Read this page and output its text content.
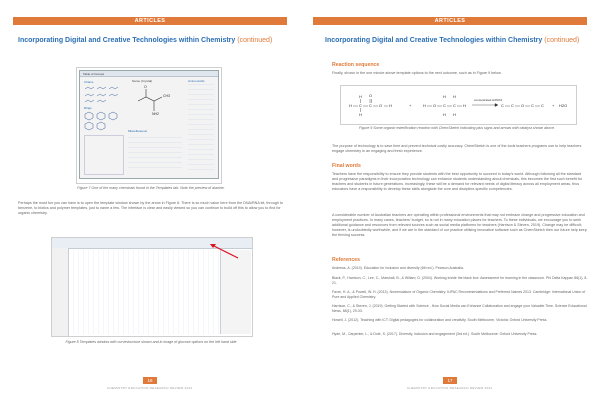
ARTICLES
Incorporating Digital and Creative Technologies within Chemistry (continued)
Table of Groups
Chains
Rings
O
NH2
CH3
Name (Crystal)
Miscellaneous
Amino Acids
Figure 7 One of the many chemicals found in the Templates tab. Note the preview of alanine.
Perhaps the most fun you can have is to open the template window shown by the arrow in Figure 8. There is so much value here from the DNA/RNA kit, through to benzene, to biotics and polymer templates, just to name a few. The interface is clear and easily viewed so you can continue to build off this to allow you to find for organic chemistry.
Figure 8 Templates window with curvestructure shown and in image of glucose options on the left hand side
16
CHEMISTRY EDUCATION RESEARCH REVIEW 2021
ARTICLES
Incorporating Digital and Creative Technologies within Chemistry (continued)
Reaction sequence
Finally, shown in the one minute above template options to the next outcome, such as in Figure 9 below.
H C C O H
H
H
O
+	H O C C H
H H
H H
C C O C C + H2O
concentrated H2SO4
Figure 9 Some organic esterification reaction with ChemSketch indicating plus signs and arrows with catalyst shown above.
The purpose of technology is to save time and prevent technical costly accuracy. ChemSketch is one of the tools teachers programs use to help teachers engage chemistry in an engaging and fresh experience.
Final words
Teachers have the responsibility to ensure they provide students with the best opportunity to succeed in today's world. Although following all the standard and progressive paradigms in their incorporation technology can enhance students understanding about chemicals, this becomes the first such benefit for teachers and students in future generations. Increasingly, these will be a demand for relevant needs of digital literacy across all employment areas, thus educators have a responsibility to develop these skills alongside the core and discipline-specific competencies.
A considerable number of Australian teachers are operating within professional environments that may not embrace change and progressive education and employment practices. In many cases, teachers' budget, so is not in many education places for teachers. To these individuals, we encourage you to seek additional guidance and resources from relevant sources such as social media platforms for teachers (Harrison & Steven, 2019). Change may be difficult; however, is undoubtedly worthwhile, and if we are in the standard of our practice utilising innovative software such as ChemSketch then our future help keep the thriving success.
References
Andrews, A. (2019). Education for inclusion and diversity (6th ed.). Pearson Australia.
Black, P., Harrison, C., Lee, C., Marshall, B., & Wiliam, D. (2004). Working inside the black box: Assessment for learning in the classroom. Phi Delta Kappan 86(1), 8-21.
Favre, H. A., & Powell, W. H. (2013). Nomenclature of Organic Chemistry: IUPAC Recommendations and Preferred Names 2013. Cambridge: International Union of Pure and Applied Chemistry.
Harrison, C., & Steven, J. (2019). Getting Started with Science - How Social Media can Enhance Collaboration and engage your Valuable Time. Science Educational News, 68(1), 29-33.
Howell, J. (2012). Teaching with ICT: Digital pedagogies for collaboration and creativity. South Melbourne, Victoria: Oxford University Press.
Hyde, M., Carpenter, L., & Dole, S. (2017). Diversity, inclusion and engagement (3rd ed.). South Melbourne: Oxford University Press.
17
CHEMISTRY EDUCATION RESEARCH REVIEW 2021
